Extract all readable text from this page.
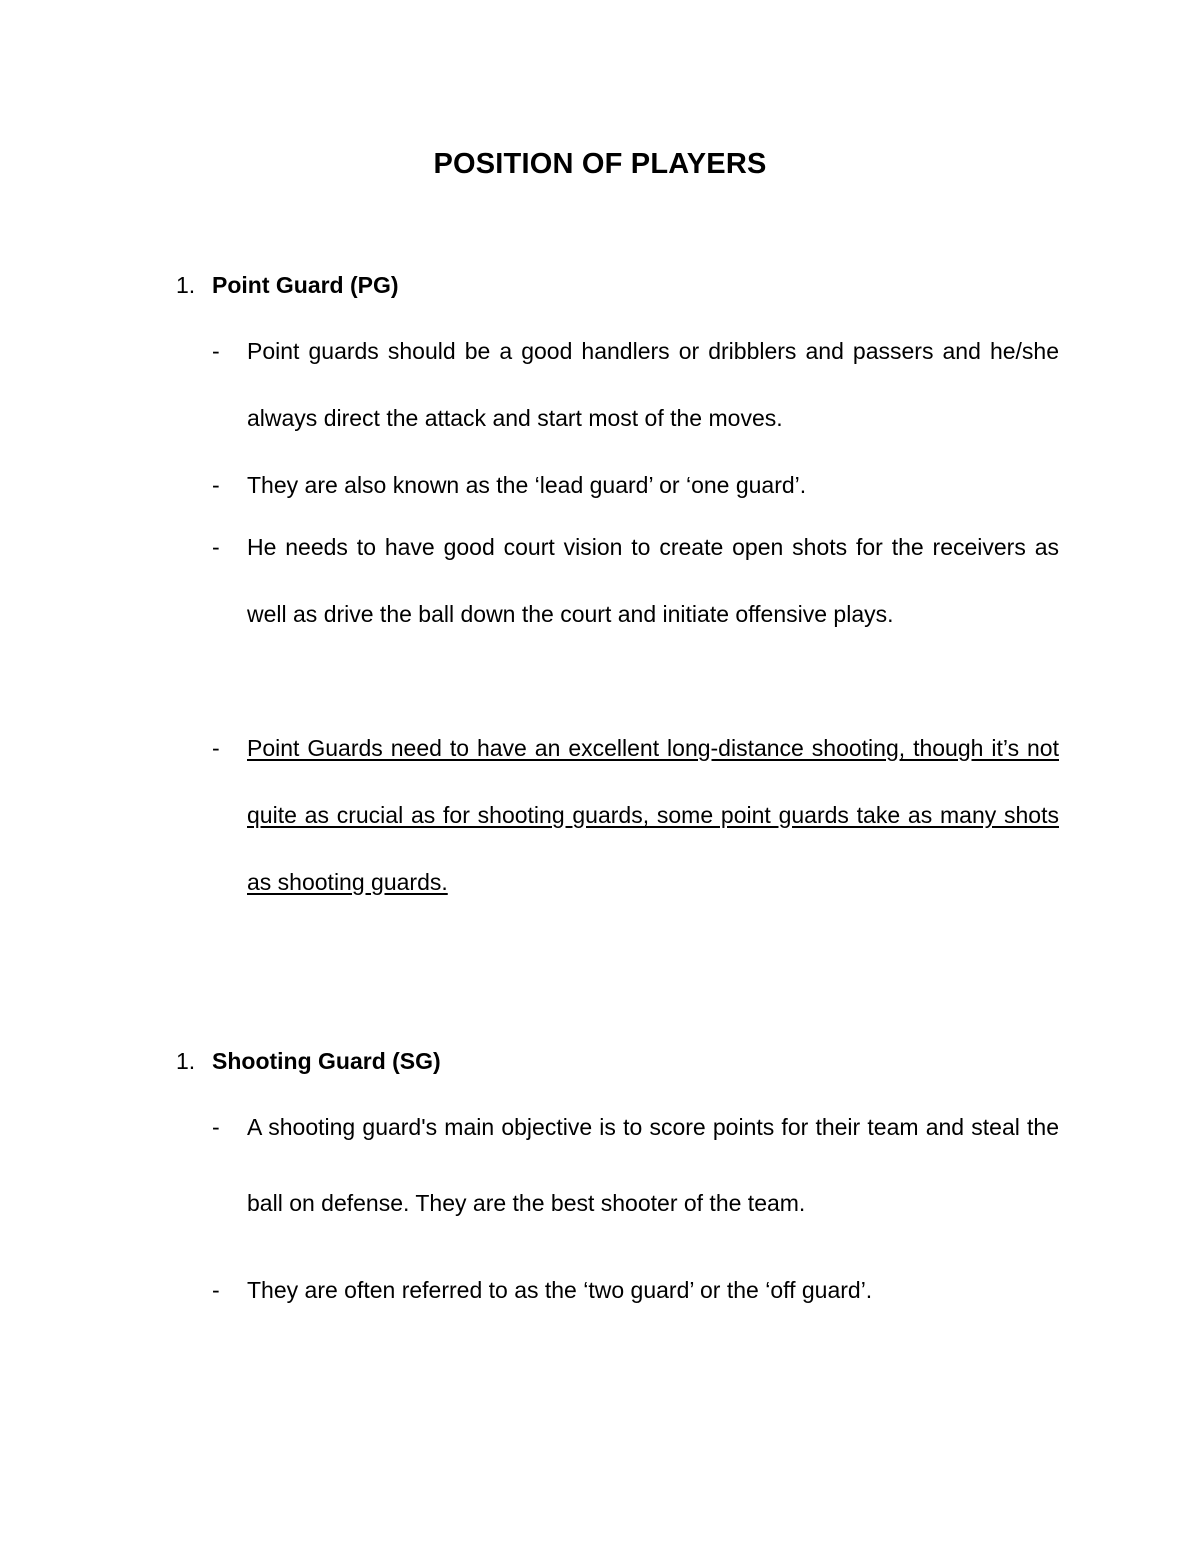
POSITION OF PLAYERS
1. Point Guard (PG)
- Point guards should be a good handlers or dribblers and passers and he/she always direct the attack and start most of the moves.
- They are also known as the ‘lead guard’ or ‘one guard’.
- He needs to have good court vision to create open shots for the receivers as well as drive the ball down the court and initiate offensive plays.
- Point Guards need to have an excellent long-distance shooting, though it’s not quite as crucial as for shooting guards, some point guards take as many shots as shooting guards.
1. Shooting Guard (SG)
- A shooting guard's main objective is to score points for their team and steal the ball on defense. They are the best shooter of the team.
- They are often referred to as the ‘two guard’ or the ‘off guard’.
